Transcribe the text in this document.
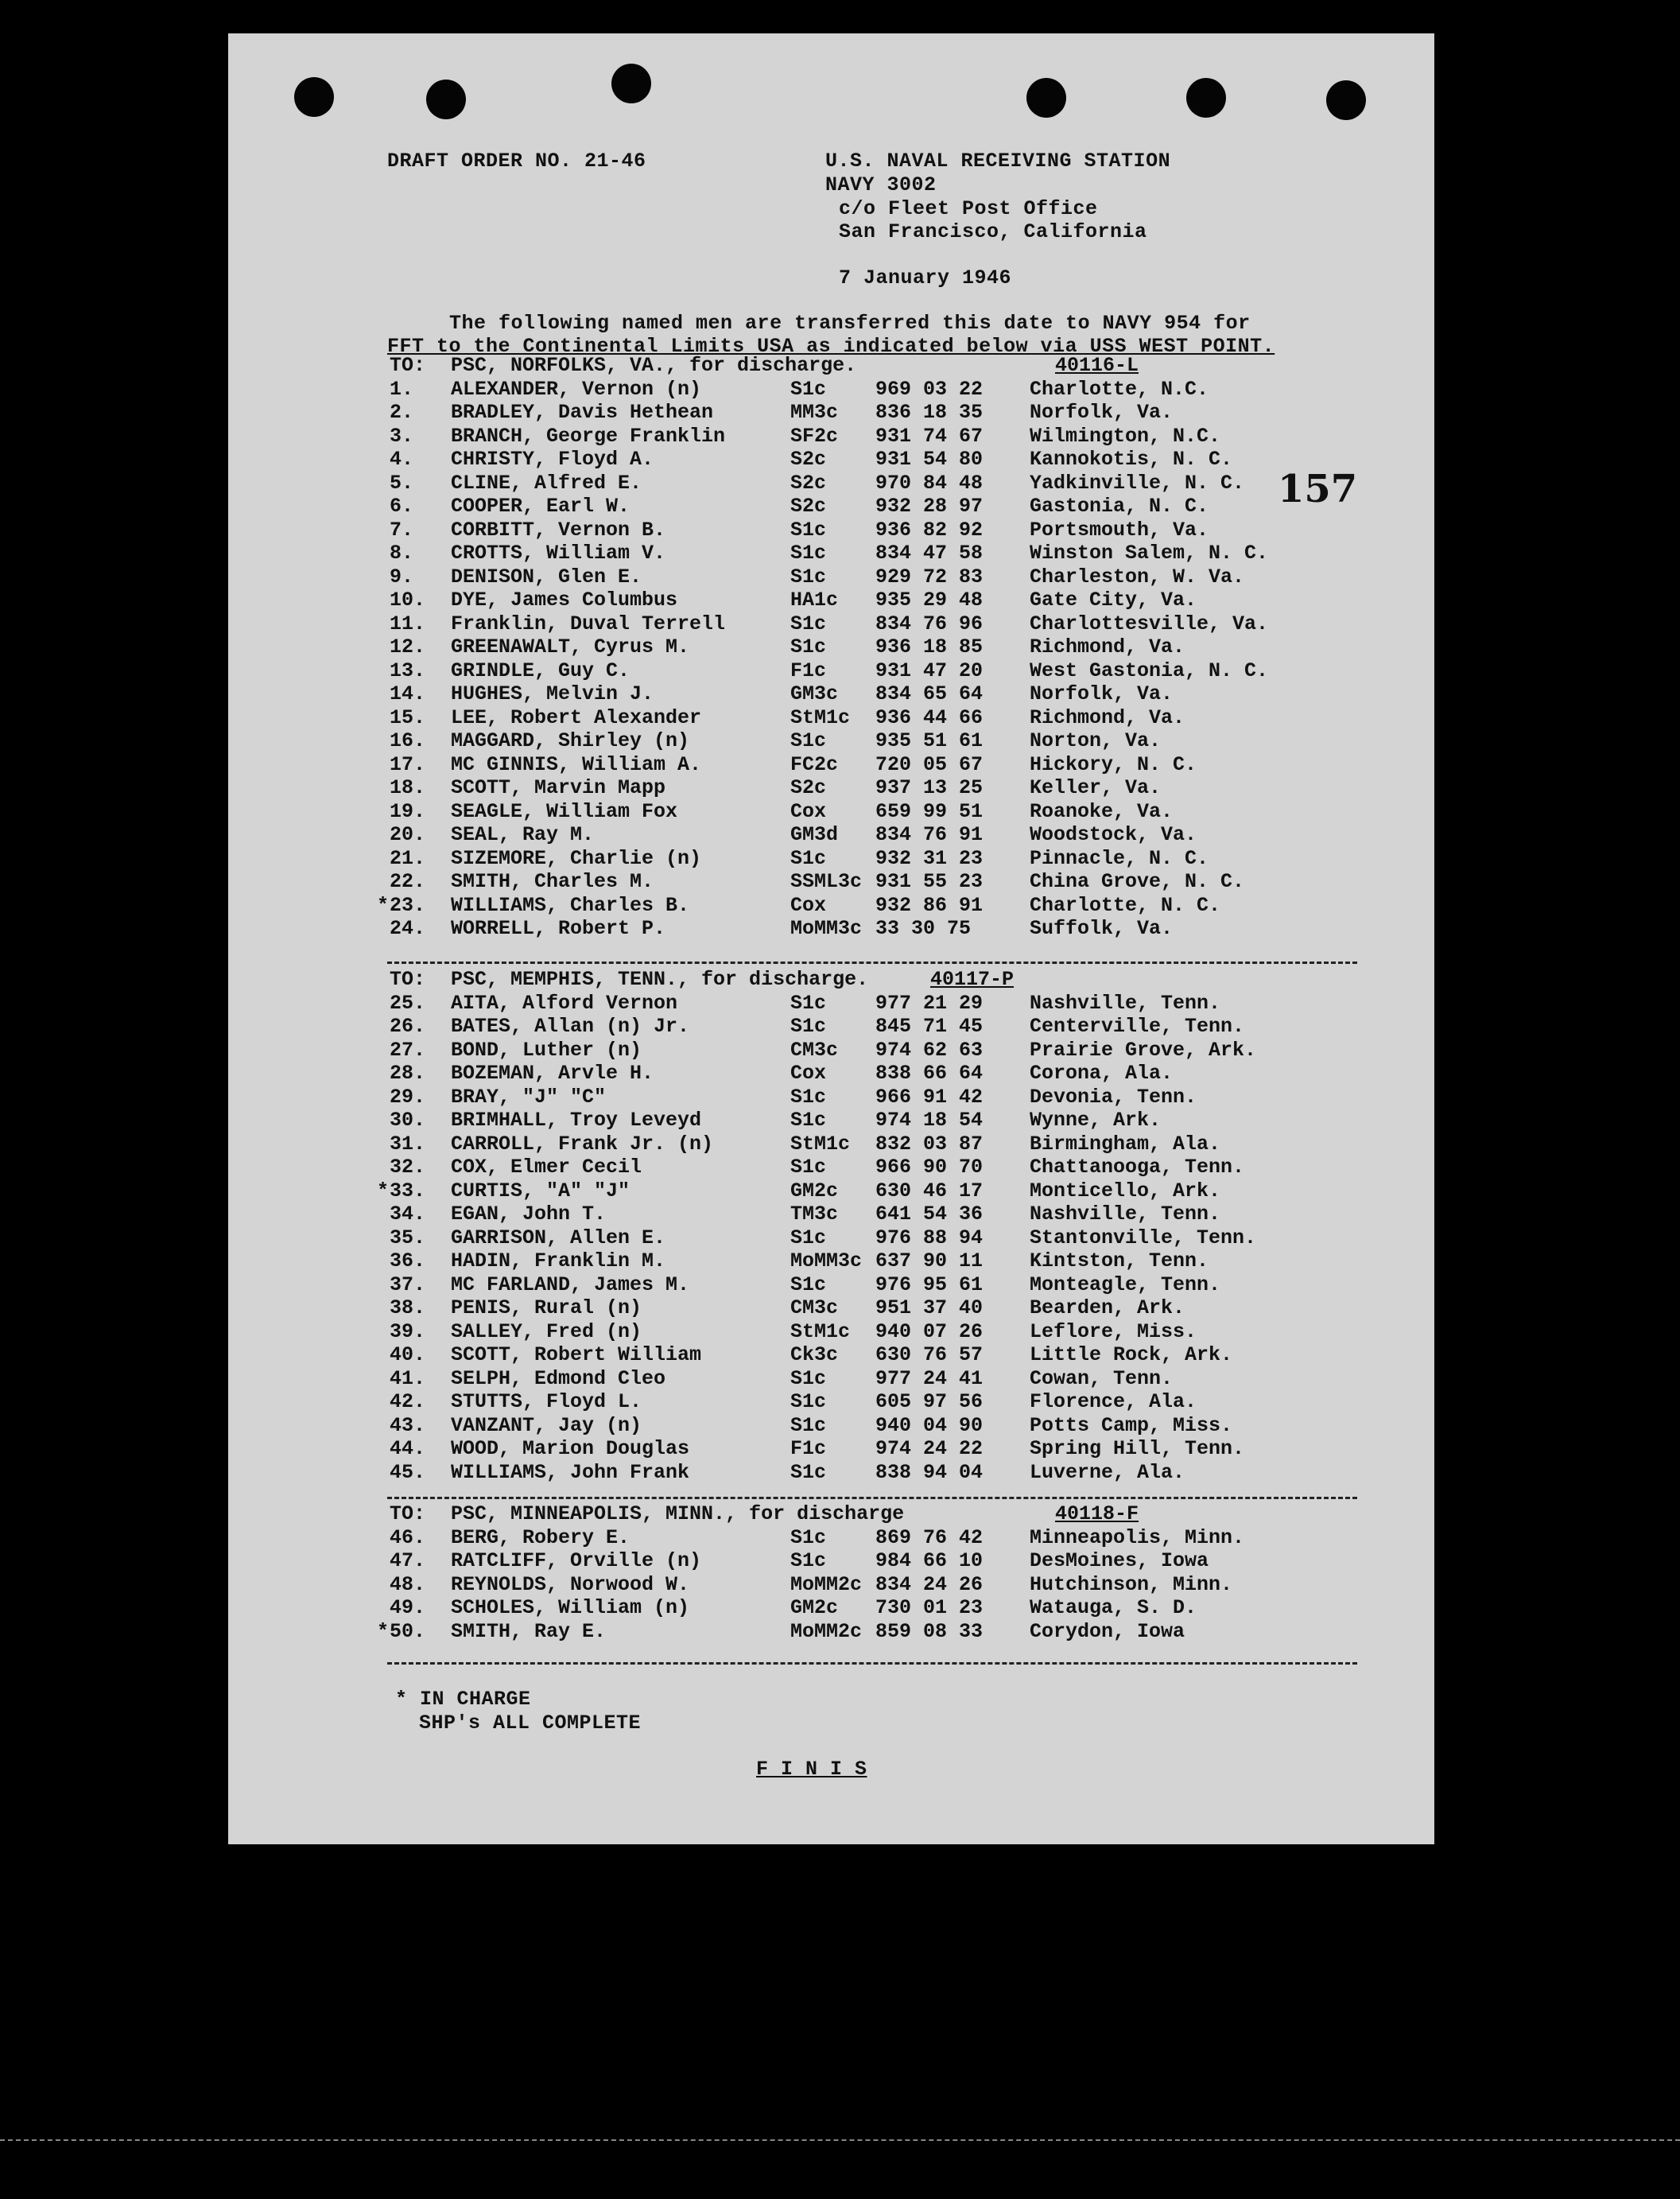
DRAFT ORDER NO. 21-46	U.S. NAVAL RECEIVING STATION
NAVY 3002
c/o Fleet Post Office
San Francisco, California
7 January 1946
The following named men are transferred this date to NAVY 954 for
FFT to the Continental Limits USA as indicated below via USS WEST POINT.
157
TO: PSC, NORFOLKS, VA., for discharge.	40116-L
1. ALEXANDER, Vernon (n)	S1c 969 03 22 Charlotte, N.C.
2. BRADLEY, Davis Hethean	MM3c 836 18 35 Norfolk, Va.
3. BRANCH, George Franklin	SF2c 931 74 67 Wilmington, N.C.
4. CHRISTY, Floyd A.	S2c 931 54 80 Kannokotis, N. C.
5. CLINE, Alfred E.	S2c 970 84 48 Yadkinville, N. C.
6. COOPER, Earl W.	S2c 932 28 97 Gastonia, N. C.
7. CORBITT, Vernon B.	S1c 936 82 92 Portsmouth, Va.
8. CROTTS, William V.	S1c 834 47 58 Winston Salem, N. C.
9. DENISON, Glen E.	S1c 929 72 83 Charleston, W. Va.
10. DYE, James Columbus	HA1c 935 29 48 Gate City, Va.
11. Franklin, Duval Terrell	S1c 834 76 96 Charlottesville, Va.
12. GREENAWALT, Cyrus M.	S1c 936 18 85 Richmond, Va.
13. GRINDLE, Guy C.	F1c 931 47 20 West Gastonia, N. C.
14. HUGHES, Melvin J.	GM3c 834 65 64 Norfolk, Va.
15. LEE, Robert Alexander	StM1c 936 44 66 Richmond, Va.
16. MAGGARD, Shirley (n)	S1c 935 51 61 Norton, Va.
17. MC GINNIS, William A.	FC2c 720 05 67 Hickory, N. C.
18. SCOTT, Marvin Mapp	S2c 937 13 25 Keller, Va.
19. SEAGLE, William Fox	Cox 659 99 51 Roanoke, Va.
20. SEAL, Ray M.	GM3d 834 76 91 Woodstock, Va.
21. SIZEMORE, Charlie (n)	S1c 932 31 23 Pinnacle, N. C.
22. SMITH, Charles M.	SSML3c 931 55 23 China Grove, N. C.
* 23. WILLIAMS, Charles B.	Cox 932 86 91 Charlotte, N. C.
24. WORRELL, Robert P.	MoMM3c 33 30 75	Suffolk, Va.
TO: PSC, MEMPHIS, TENN., for discharge.	40117-P
25. AITA, Alford Vernon	S1c 977 21 29 Nashville, Tenn.
26. BATES, Allan (n) Jr.	S1c 845 71 45 Centerville, Tenn.
27. BOND, Luther (n)	CM3c 974 62 63 Prairie Grove, Ark.
28. BOZEMAN, Arvle H.	Cox 838 66 64 Corona, Ala.
29. BRAY, "J" "C"	S1c 966 91 42 Devonia, Tenn.
30. BRIMHALL, Troy Leveyd	S1c 974 18 54 Wynne, Ark.
31. CARROLL, Frank Jr. (n)	StM1c 832 03 87 Birmingham, Ala.
32. COX, Elmer Cecil	S1c 966 90 70 Chattanooga, Tenn.
* 33. CURTIS, "A" "J"	GM2c 630 46 17 Monticello, Ark.
34. EGAN, John T.	TM3c 641 54 36 Nashville, Tenn.
35. GARRISON, Allen E.	S1c 976 88 94 Stantonville, Tenn.
36. HADIN, Franklin M.	MoMM3c 637 90 11 Kintston, Tenn.
37. MC FARLAND, James M.	S1c 976 95 61 Monteagle, Tenn.
38. PENIS, Rural (n)	CM3c 951 37 40 Bearden, Ark.
39. SALLEY, Fred (n)	StM1c 940 07 26 Leflore, Miss.
40. SCOTT, Robert William	Ck3c 630 76 57 Little Rock, Ark.
41. SELPH, Edmond Cleo	S1c 977 24 41 Cowan, Tenn.
42. STUTTS, Floyd L.	S1c 605 97 56 Florence, Ala.
43. VANZANT, Jay (n)	S1c 940 04 90 Potts Camp, Miss.
44. WOOD, Marion Douglas	F1c 974 24 22 Spring Hill, Tenn.
45. WILLIAMS, John Frank	S1c 838 94 04 Luverne, Ala.
TO: PSC, MINNEAPOLIS, MINN., for discharge	40118-F
46. BERG, Robery E.	S1c 869 76 42 Minneapolis, Minn.
47. RATCLIFF, Orville (n)	S1c 984 66 10 DesMoines, Iowa
48. REYNOLDS, Norwood W.	MoMM2c 834 24 26 Hutchinson, Minn.
49. SCHOLES, William (n)	GM2c 730 01 23 Watauga, S. D.
* 50. SMITH, Ray E.	MoMM2c 859 08 33 Corydon, Iowa
* IN CHARGE
SHP's ALL COMPLETE
F I N I S
